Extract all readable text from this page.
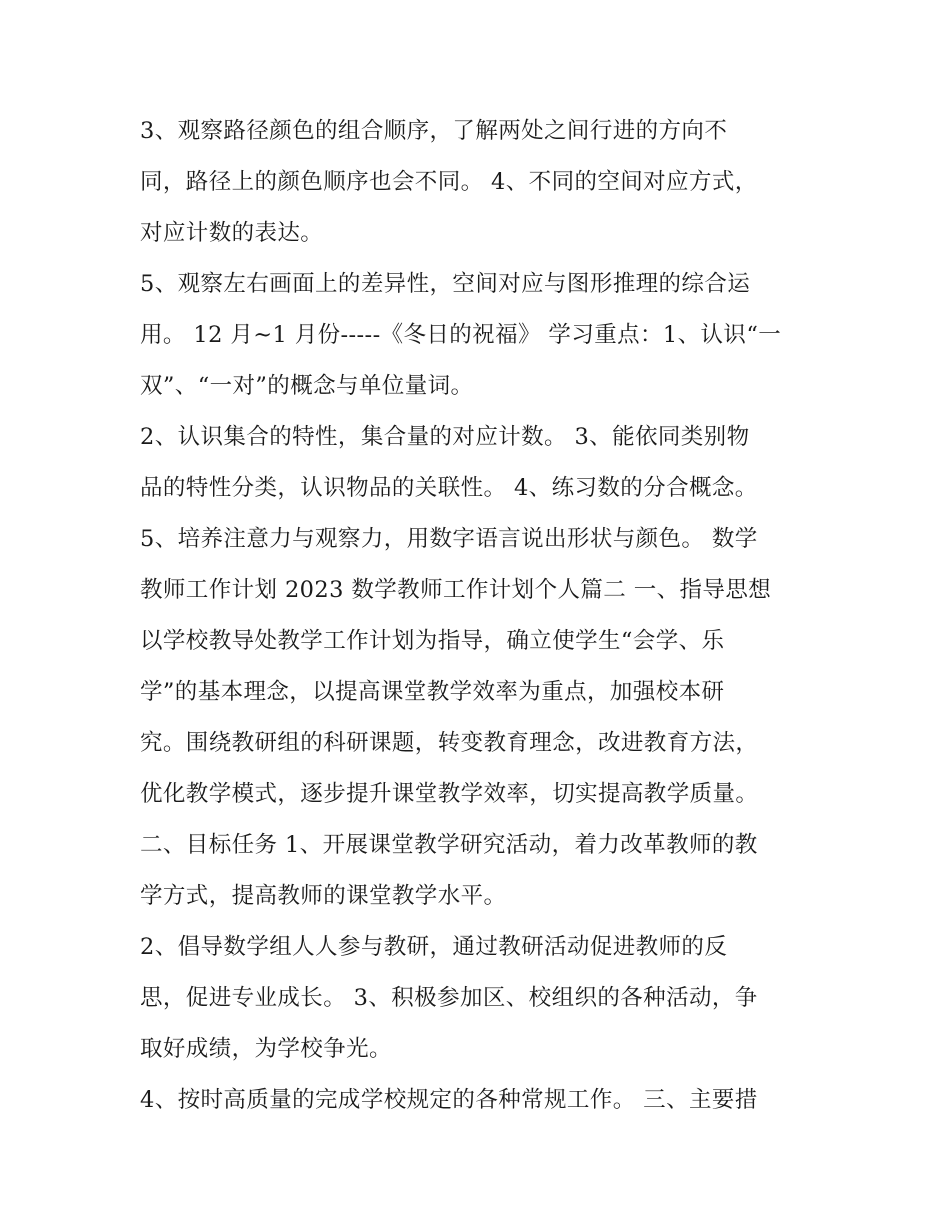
3、观察路径颜色的组合顺序，了解两处之间行进的方向不
同，路径上的颜色顺序也会不同。 4、不同的空间对应方式，
对应计数的表达。
5、观察左右画面上的差异性，空间对应与图形推理的综合运
用。 12 月~1 月份-----《冬日的祝福》 学习重点：1、认识“一
双”、“一对”的概念与单位量词。
2、认识集合的特性，集合量的对应计数。 3、能依同类别物
品的特性分类，认识物品的关联性。 4、练习数的分合概念。
5、培养注意力与观察力，用数字语言说出形状与颜色。 数学
教师工作计划 2023 数学教师工作计划个人篇二 一、指导思想
以学校教导处教学工作计划为指导，确立使学生“会学、乐
学”的基本理念，以提高课堂教学效率为重点，加强校本研
究。围绕教研组的科研课题，转变教育理念，改进教育方法，
优化教学模式，逐步提升课堂教学效率，切实提高教学质量。
二、目标任务 1、开展课堂教学研究活动，着力改革教师的教
学方式，提高教师的课堂教学水平。
2、倡导数学组人人参与教研，通过教研活动促进教师的反
思，促进专业成长。 3、积极参加区、校组织的各种活动，争
取好成绩，为学校争光。
4、按时高质量的完成学校规定的各种常规工作。 三、主要措
